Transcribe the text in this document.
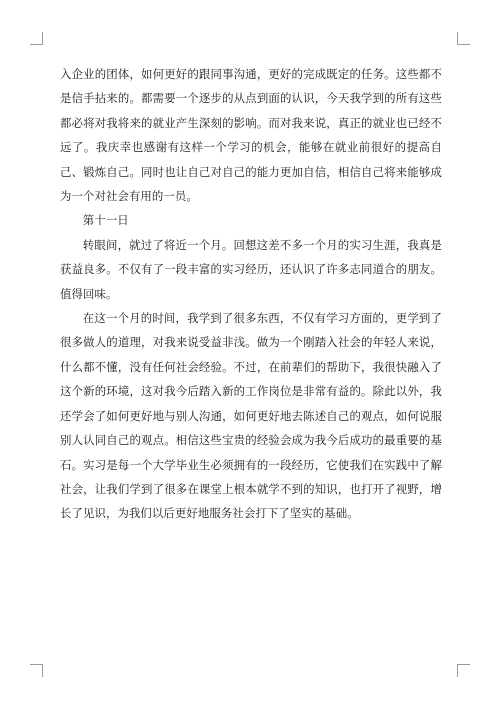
入企业的团体，如何更好的跟同事沟通，更好的完成既定的任务。这些都不是信手拈来的。都需要一个逐步的从点到面的认识，今天我学到的所有这些都必将对我将来的就业产生深刻的影响。而对我来说，真正的就业也已经不远了。我庆幸也感谢有这样一个学习的机会，能够在就业前很好的提高自己、锻炼自己。同时也让自己对自己的能力更加自信，相信自己将来能够成为一个对社会有用的一员。

第十一日

转眼间，就过了将近一个月。回想这差不多一个月的实习生涯，我真是获益良多。不仅有了一段丰富的实习经历，还认识了许多志同道合的朋友。值得回味。

在这一个月的时间，我学到了很多东西，不仅有学习方面的，更学到了很多做人的道理，对我来说受益非浅。做为一个刚踏入社会的年轻人来说，什么都不懂，没有任何社会经验。不过，在前辈们的帮助下，我很快融入了这个新的环境，这对我今后踏入新的工作岗位是非常有益的。除此以外，我还学会了如何更好地与别人沟通，如何更好地去陈述自己的观点，如何说服别人认同自己的观点。相信这些宝贵的经验会成为我今后成功的最重要的基石。实习是每一个大学毕业生必须拥有的一段经历，它使我们在实践中了解社会，让我们学到了很多在课堂上根本就学不到的知识，也打开了视野，增长了见识，为我们以后更好地服务社会打下了坚实的基础。
